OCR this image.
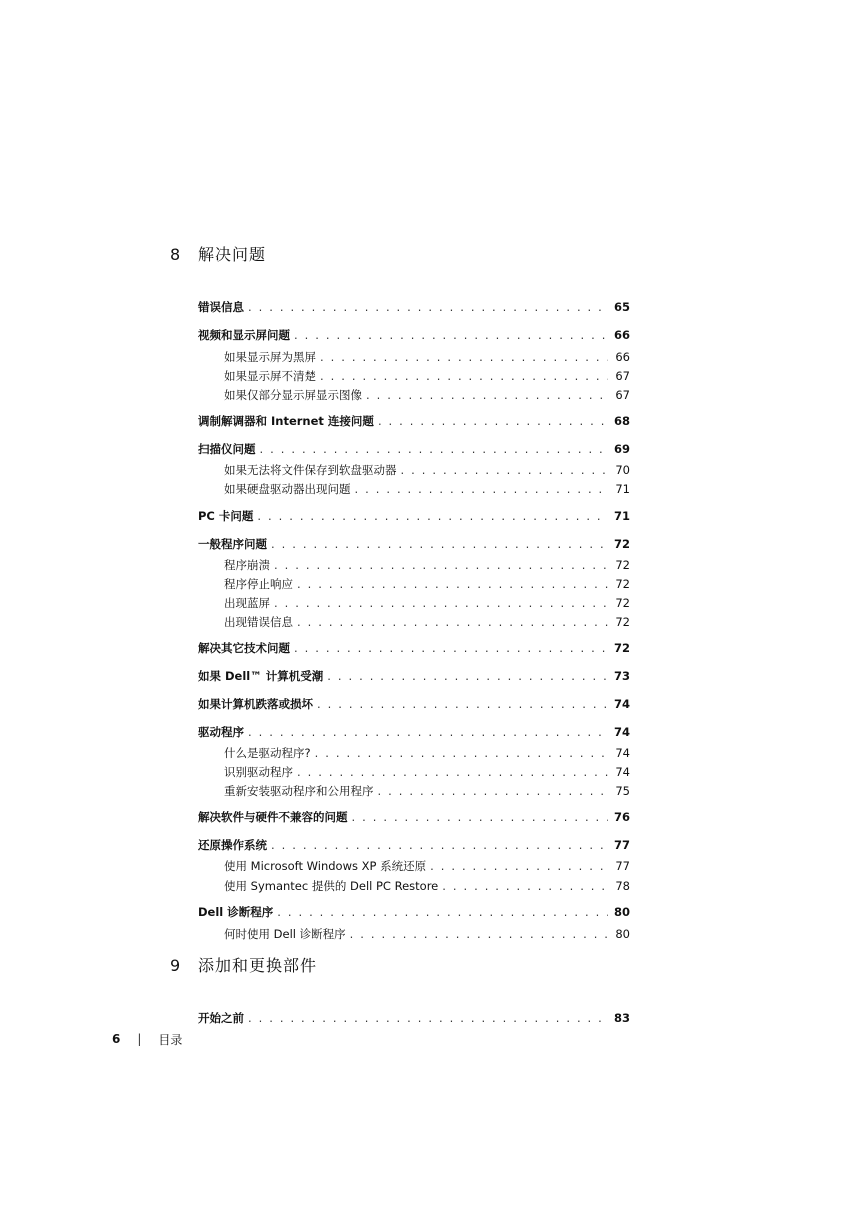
8	解决问题
错误信息 . . .	65
视频和显示屏问题 . . .	66
如果显示屏为黑屏 . . .	66
如果显示屏不清楚 . . .	67
如果仅部分显示屏显示图像 . . .	67
调制解调器和 Internet 连接问题 . . .	68
扫描仪问题 . . .	69
如果无法将文件保存到软盘驱动器 . . .	70
如果硬盘驱动器出现问题 . . .	71
PC 卡问题 . . .	71
一般程序问题 . . .	72
程序崩溃 . . .	72
程序停止响应 . . .	72
出现蓝屏 . . .	72
出现错误信息 . . .	72
解决其它技术问题 . . .	72
如果 Dell™ 计算机受潮 . . .	73
如果计算机跌落或损坏 . . .	74
驱动程序 . . .	74
什么是驱动程序? . . .	74
识别驱动程序 . . .	74
重新安装驱动程序和公用程序 . . .	75
解决软件与硬件不兼容的问题 . . .	76
还原操作系统 . . .	77
使用 Microsoft Windows XP 系统还原 . . .	77
使用 Symantec 提供的 Dell PC Restore . . .	78
Dell 诊断程序 . . .	80
何时使用 Dell 诊断程序 . . .	80
9	添加和更换部件
开始之前 . . .	83
6 | 目录
